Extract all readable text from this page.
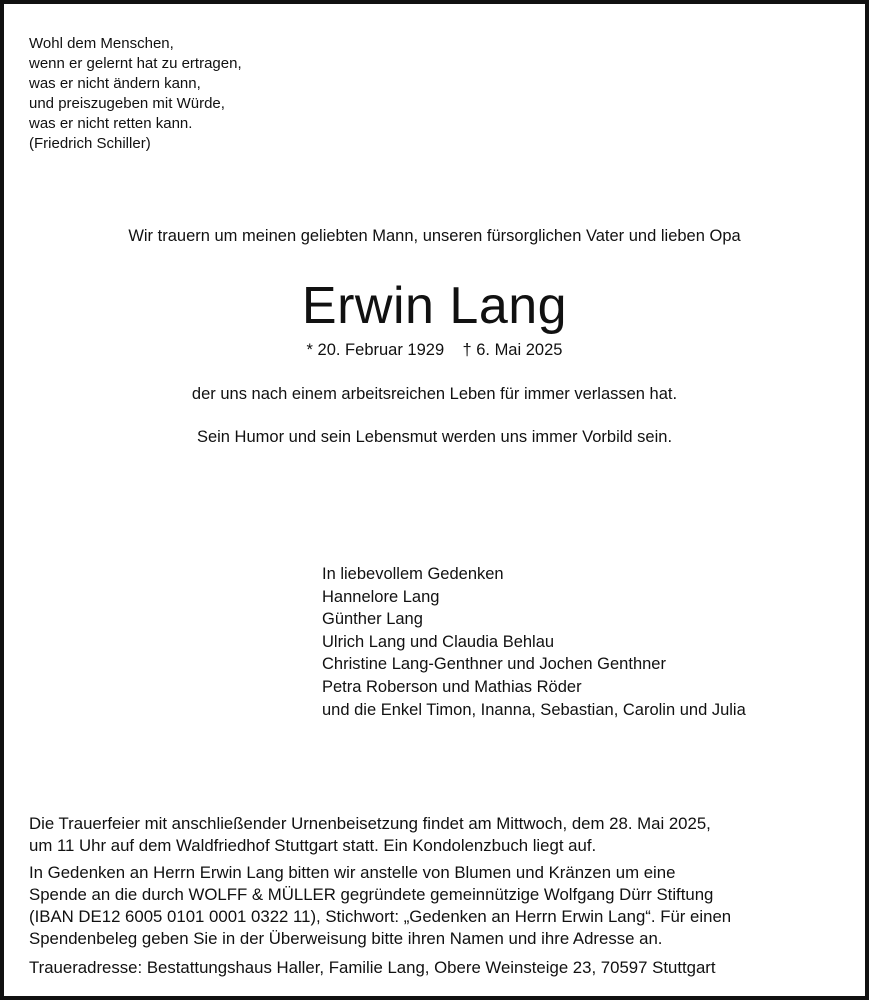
Wohl dem Menschen,
wenn er gelernt hat zu ertragen,
was er nicht ändern kann,
und preiszugeben mit Würde,
was er nicht retten kann.
(Friedrich Schiller)
Wir trauern um meinen geliebten Mann, unseren fürsorglichen Vater und lieben Opa
Erwin Lang
* 20. Februar 1929    † 6. Mai 2025
der uns nach einem arbeitsreichen Leben für immer verlassen hat.
Sein Humor und sein Lebensmut werden uns immer Vorbild sein.
In liebevollem Gedenken
Hannelore Lang
Günther Lang
Ulrich Lang und Claudia Behlau
Christine Lang-Genthner und Jochen Genthner
Petra Roberson und Mathias Röder
und die Enkel Timon, Inanna, Sebastian, Carolin und Julia
Die Trauerfeier mit anschließender Urnenbeisetzung findet am Mittwoch, dem 28. Mai 2025,
um 11 Uhr auf dem Waldfriedhof Stuttgart statt. Ein Kondolenzbuch liegt auf.
In Gedenken an Herrn Erwin Lang bitten wir anstelle von Blumen und Kränzen um eine
Spende an die durch WOLFF & MÜLLER gegründete gemeinnützige Wolfgang Dürr Stiftung
(IBAN DE12 6005 0101 0001 0322 11), Stichwort: „Gedenken an Herrn Erwin Lang“. Für einen
Spendenbeleg geben Sie in der Überweisung bitte ihren Namen und ihre Adresse an.
Traueradresse: Bestattungshaus Haller, Familie Lang, Obere Weinsteige 23, 70597 Stuttgart
